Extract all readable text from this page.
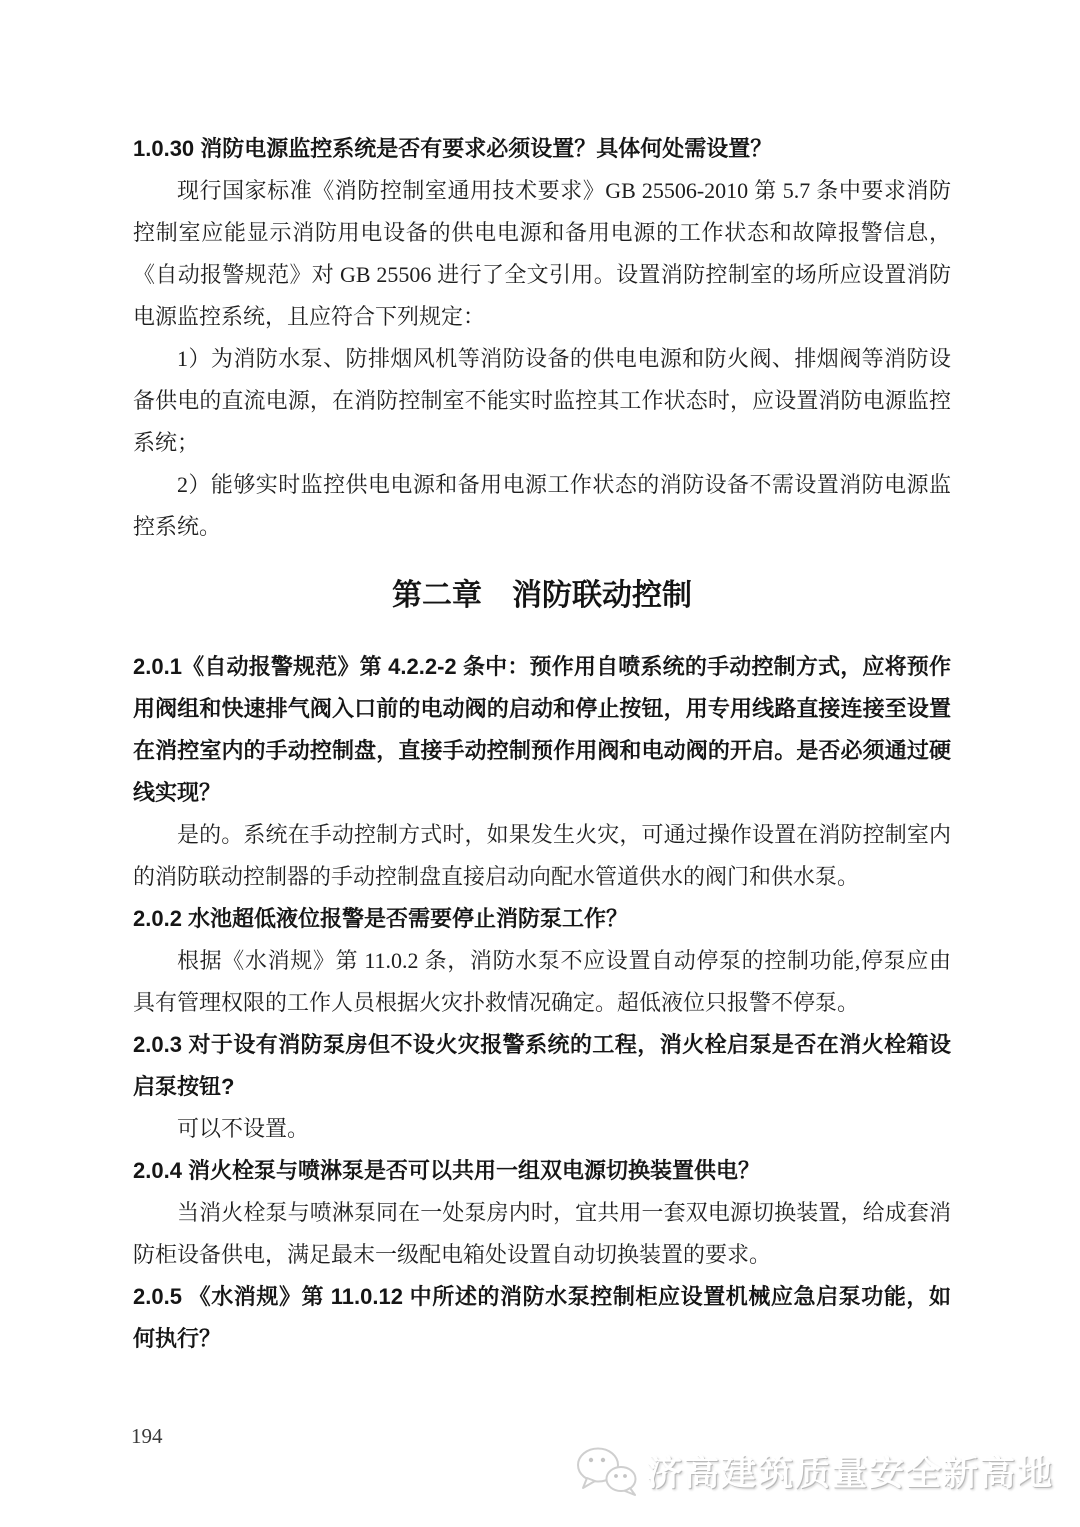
1.0.30 消防电源监控系统是否有要求必须设置？具体何处需设置？

现行国家标准《消防控制室通用技术要求》GB 25506-2010 第 5.7 条中要求消防控制室应能显示消防用电设备的供电电源和备用电源的工作状态和故障报警信息，《自动报警规范》对 GB 25506 进行了全文引用。设置消防控制室的场所应设置消防电源监控系统，且应符合下列规定：

1）为消防水泵、防排烟风机等消防设备的供电电源和防火阀、排烟阀等消防设备供电的直流电源，在消防控制室不能实时监控其工作状态时，应设置消防电源监控系统；

2）能够实时监控供电电源和备用电源工作状态的消防设备不需设置消防电源监控系统。

第二章　消防联动控制

2.0.1《自动报警规范》第 4.2.2-2 条中：预作用自喷系统的手动控制方式，应将预作用阀组和快速排气阀入口前的电动阀的启动和停止按钮，用专用线路直接连接至设置在消控室内的手动控制盘，直接手动控制预作用阀和电动阀的开启。是否必须通过硬线实现？

是的。系统在手动控制方式时，如果发生火灾，可通过操作设置在消防控制室内的消防联动控制器的手动控制盘直接启动向配水管道供水的阀门和供水泵。

2.0.2 水池超低液位报警是否需要停止消防泵工作？

根据《水消规》第 11.0.2 条，消防水泵不应设置自动停泵的控制功能,停泵应由具有管理权限的工作人员根据火灾扑救情况确定。超低液位只报警不停泵。

2.0.3 对于设有消防泵房但不设火灾报警系统的工程，消火栓启泵是否在消火栓箱设启泵按钮?

可以不设置。

2.0.4 消火栓泵与喷淋泵是否可以共用一组双电源切换装置供电？

当消火栓泵与喷淋泵同在一处泵房内时，宜共用一套双电源切换装置，给成套消防柜设备供电，满足最末一级配电箱处设置自动切换装置的要求。

2.0.5 《水消规》第 11.0.12 中所述的消防水泵控制柜应设置机械应急启泵功能，如何执行？

194
济高建筑质量安全新高地
